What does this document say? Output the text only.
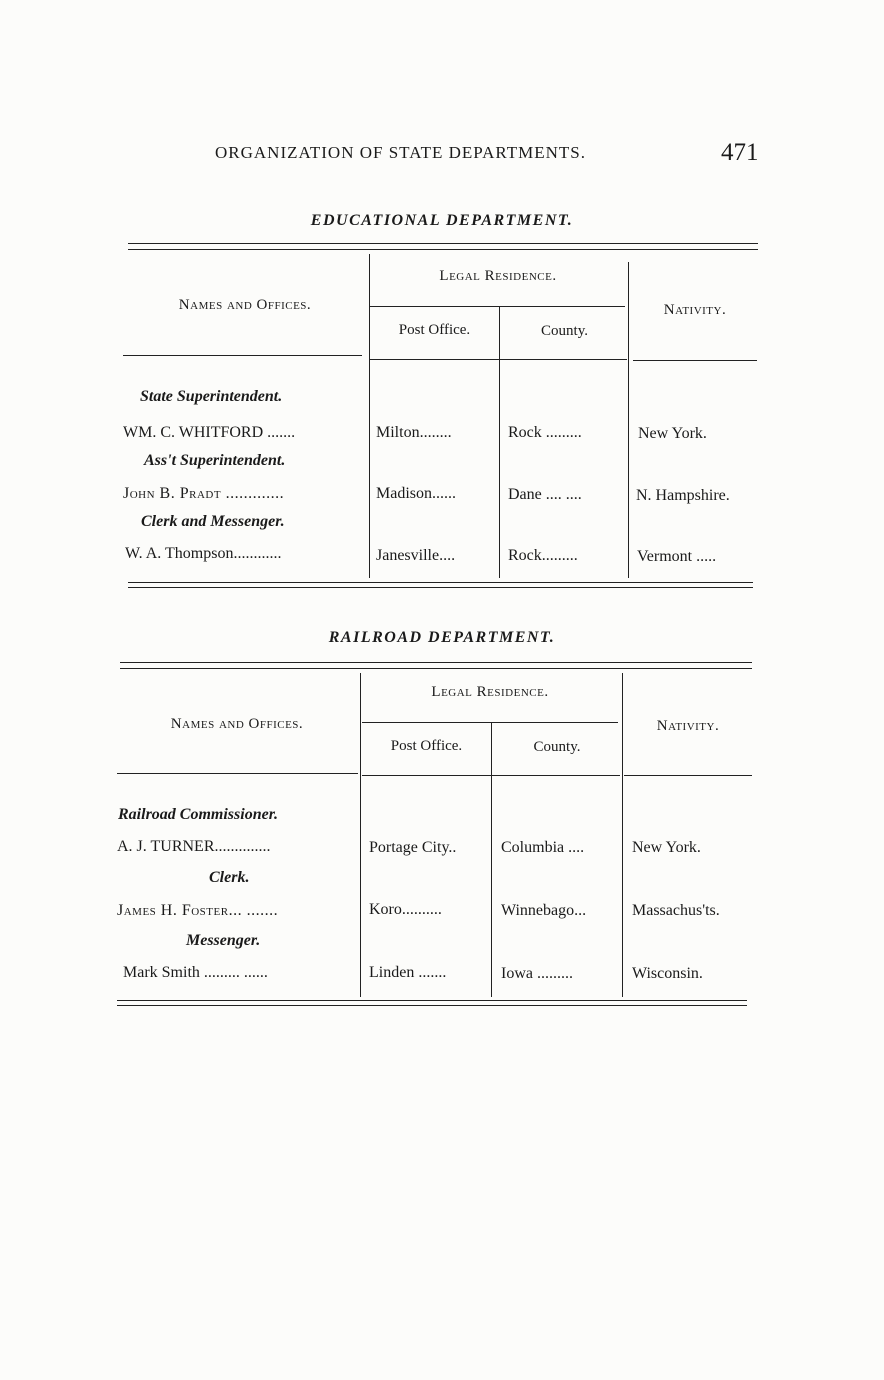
ORGANIZATION OF STATE DEPARTMENTS.	471
EDUCATIONAL DEPARTMENT.
Names and Offices.
Legal Residence.
Post Office.	County.
Nativity.
State Superintendent.
WM. C. WHITFORD .......	Milton........	Rock .........	New York.
Ass't Superintendent.
John B. Pradt .............	Madison......	Dane .... ....	N. Hampshire.
Clerk and Messenger.
W. A. Thompson............	Janesville....	Rock.........	Vermont .....
RAILROAD DEPARTMENT.
Names and Offices.
Legal Residence.
Post Office.	County.
Nativity.
Railroad Commissioner.
A. J. TURNER..............	Portage City..	Columbia ....	New York.
Clerk.
James H. Foster... .......	Koro..........	Winnebago...	Massachus'ts.
Messenger.
Mark Smith ......... ......	Linden .......	Iowa .........	Wisconsin.
